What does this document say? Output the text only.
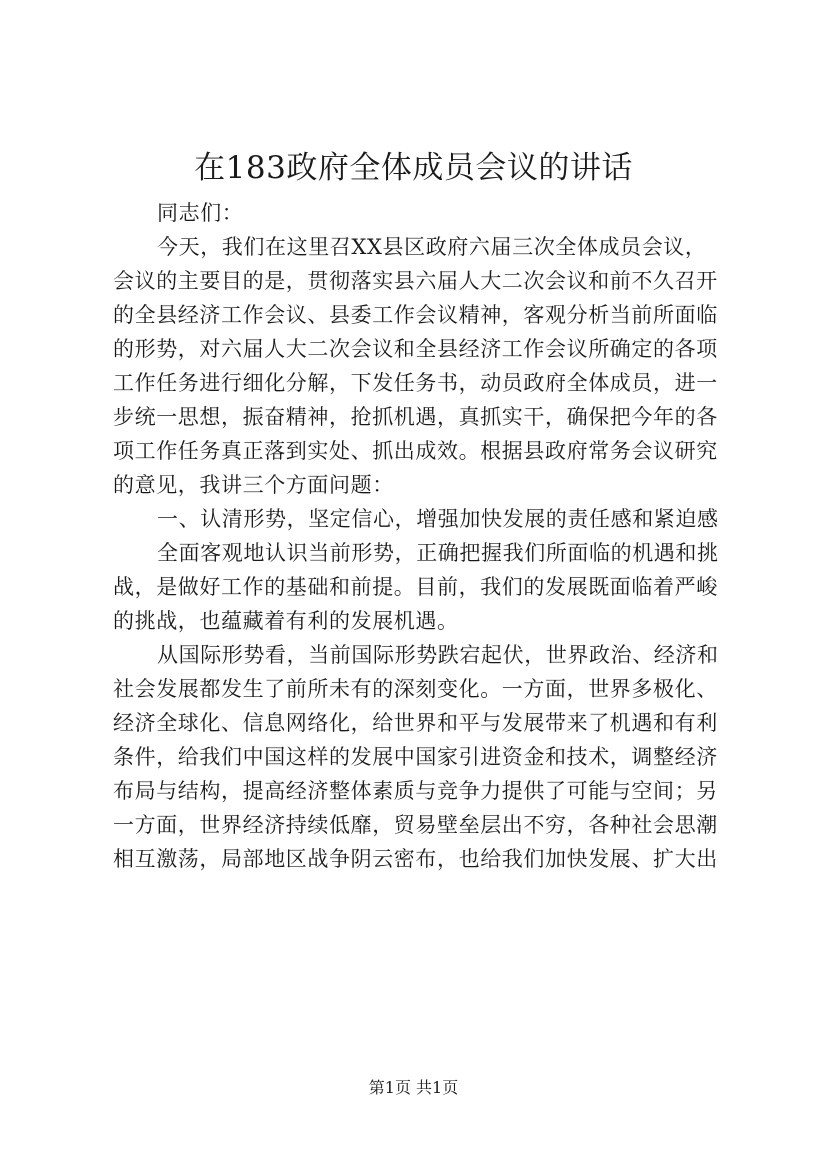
在183政府全体成员会议的讲话
同志们：
今天，我们在这里召XX县区政府六届三次全体成员会议，
会议的主要目的是，贯彻落实县六届人大二次会议和前不久召开
的全县经济工作会议、县委工作会议精神，客观分析当前所面临
的形势，对六届人大二次会议和全县经济工作会议所确定的各项
工作任务进行细化分解，下发任务书，动员政府全体成员，进一
步统一思想，振奋精神，抢抓机遇，真抓实干，确保把今年的各
项工作任务真正落到实处、抓出成效。根据县政府常务会议研究
的意见，我讲三个方面问题：
一、认清形势，坚定信心，增强加快发展的责任感和紧迫感
全面客观地认识当前形势，正确把握我们所面临的机遇和挑
战，是做好工作的基础和前提。目前，我们的发展既面临着严峻
的挑战，也蕴藏着有利的发展机遇。
从国际形势看，当前国际形势跌宕起伏，世界政治、经济和
社会发展都发生了前所未有的深刻变化。一方面，世界多极化、
经济全球化、信息网络化，给世界和平与发展带来了机遇和有利
条件，给我们中国这样的发展中国家引进资金和技术，调整经济
布局与结构，提高经济整体素质与竞争力提供了可能与空间；另
一方面，世界经济持续低靡，贸易壁垒层出不穷，各种社会思潮
相互激荡，局部地区战争阴云密布，也给我们加快发展、扩大出
第1页 共1页
